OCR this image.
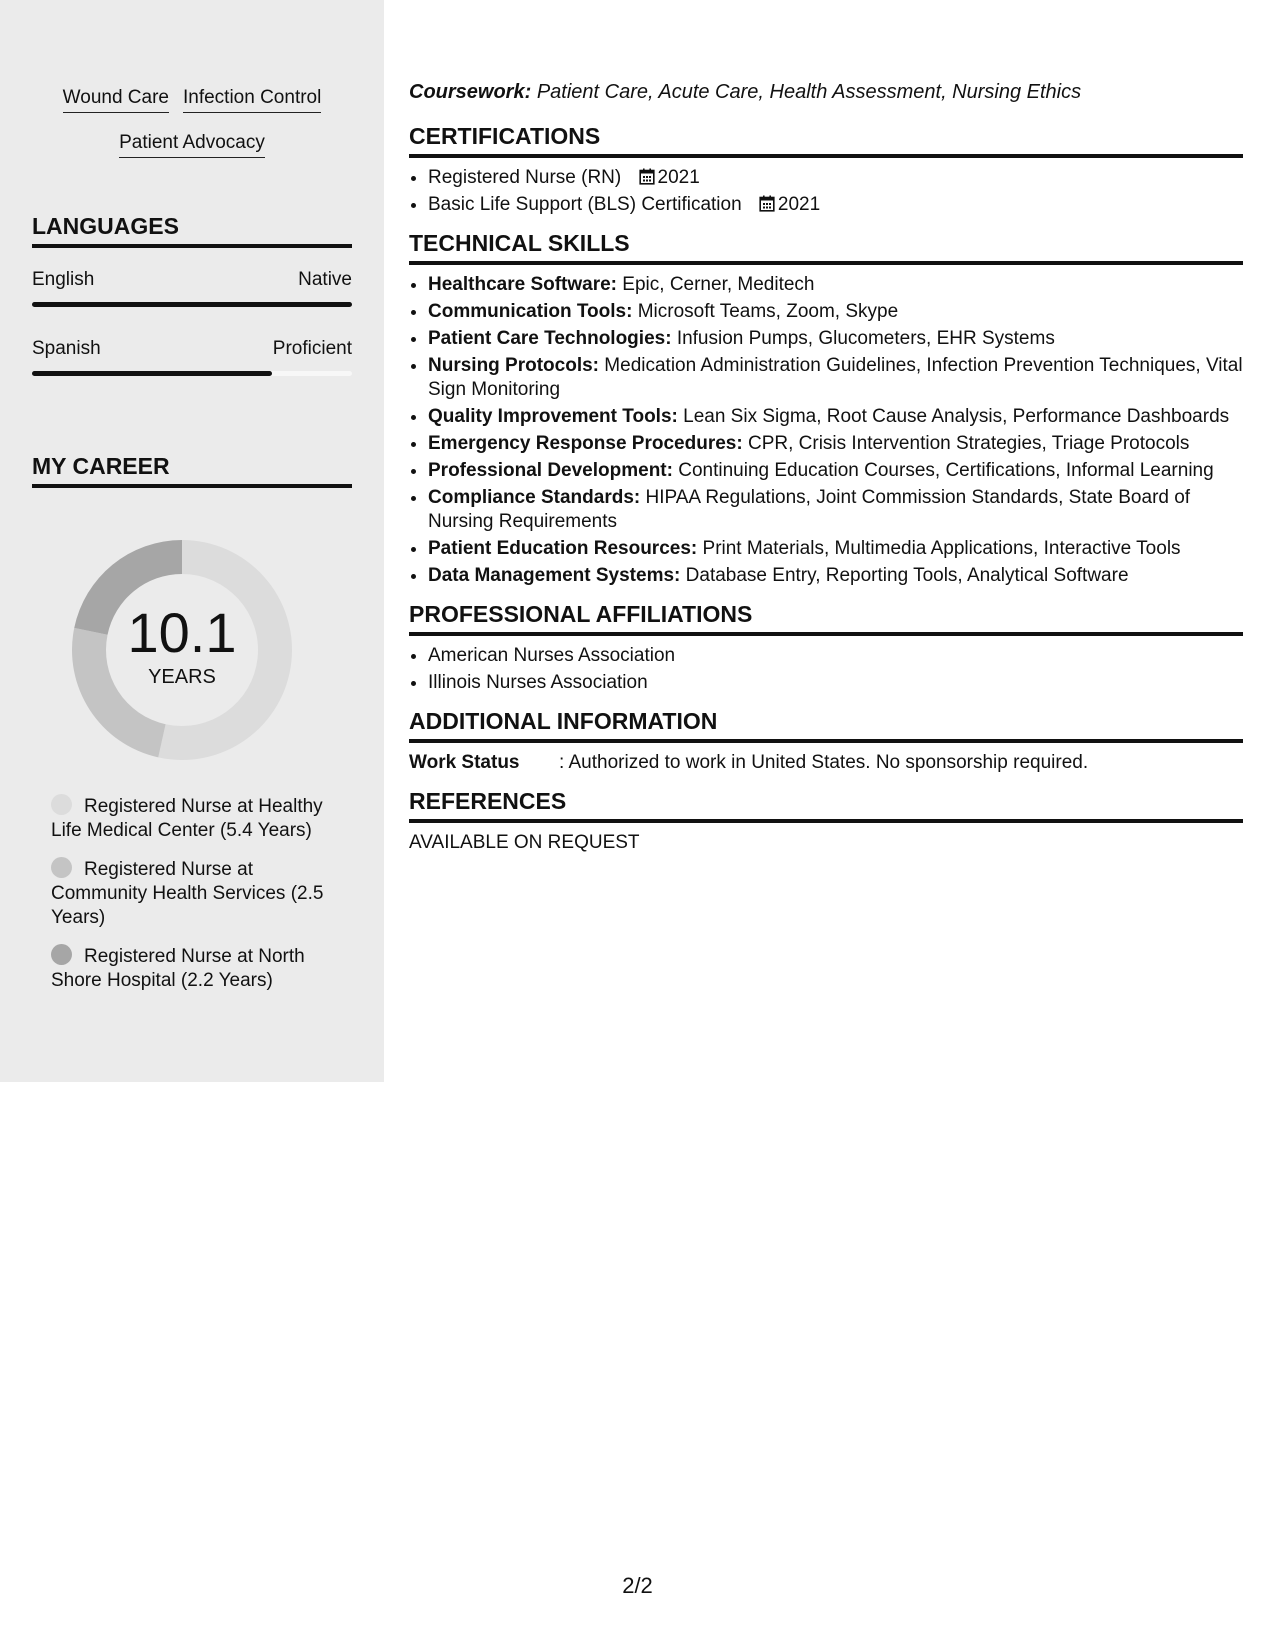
Wound Care Infection Control
Patient Advocacy
LANGUAGES
English	Native
Spanish	Proficient
MY CAREER
10.1
YEARS
Registered Nurse at Healthy Life Medical Center (5.4 Years)
Registered Nurse at Community Health Services (2.5 Years)
Registered Nurse at North Shore Hospital (2.2 Years)

Coursework: Patient Care, Acute Care, Health Assessment, Nursing Ethics

CERTIFICATIONS
• Registered Nurse (RN) 2021
• Basic Life Support (BLS) Certification 2021
TECHNICAL SKILLS
• Healthcare Software: Epic, Cerner, Meditech
• Communication Tools: Microsoft Teams, Zoom, Skype
• Patient Care Technologies: Infusion Pumps, Glucometers, EHR Systems
• Nursing Protocols: Medication Administration Guidelines, Infection Prevention Techniques, Vital Sign Monitoring
• Quality Improvement Tools: Lean Six Sigma, Root Cause Analysis, Performance Dashboards
• Emergency Response Procedures: CPR, Crisis Intervention Strategies, Triage Protocols
• Professional Development: Continuing Education Courses, Certifications, Informal Learning
• Compliance Standards: HIPAA Regulations, Joint Commission Standards, State Board of Nursing Requirements
• Patient Education Resources: Print Materials, Multimedia Applications, Interactive Tools
• Data Management Systems: Database Entry, Reporting Tools, Analytical Software
PROFESSIONAL AFFILIATIONS
• American Nurses Association
• Illinois Nurses Association
ADDITIONAL INFORMATION
Work Status	: Authorized to work in United States. No sponsorship required.
REFERENCES

AVAILABLE ON REQUEST

2/2
